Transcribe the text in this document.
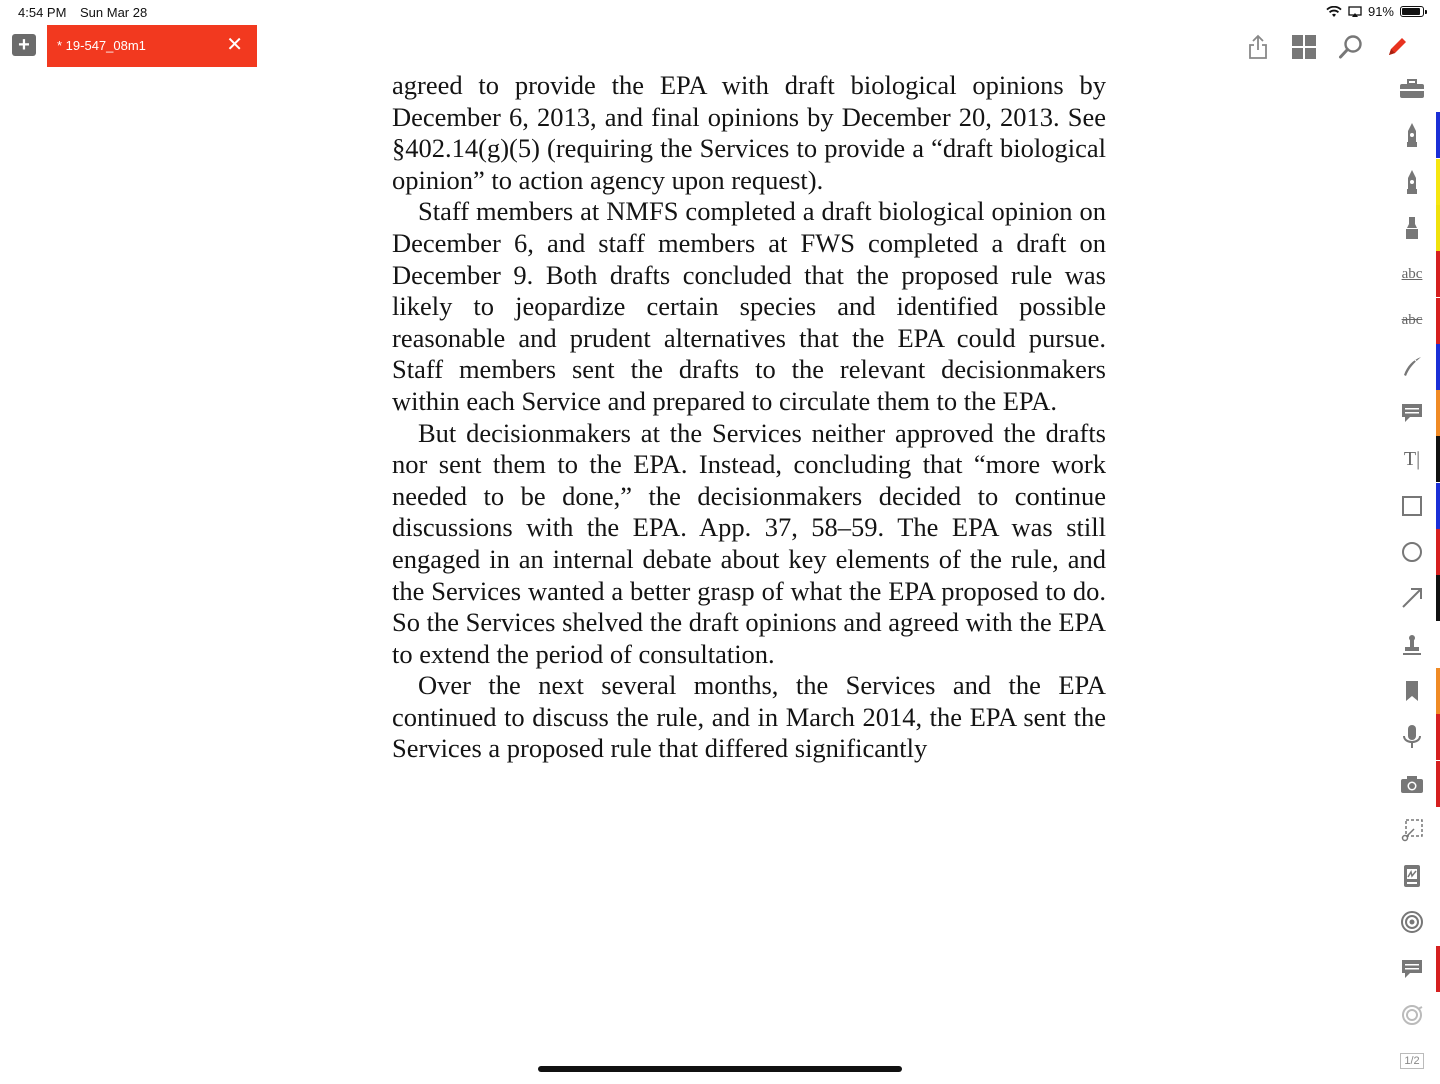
4:54 PM Sun Mar 28	91%
+	* 19-547_08m1	✕

agreed to provide the EPA with draft biological opinions by December 6, 2013, and final opinions by December 20, 2013. See §402.14(g)(5) (requiring the Services to provide a “draft biological opinion” to action agency upon request).

Staff members at NMFS completed a draft biological opinion on December 6, and staff members at FWS completed a draft on December 9. Both drafts concluded that the proposed rule was likely to jeopardize certain species and identified possible reasonable and prudent alternatives that the EPA could pursue. Staff members sent the drafts to the relevant decisionmakers within each Service and prepared to circulate them to the EPA.

But decisionmakers at the Services neither approved the drafts nor sent them to the EPA. Instead, concluding that “more work needed to be done,” the decisionmakers decided to continue discussions with the EPA. App. 37, 58–59. The EPA was still engaged in an internal debate about key elements of the rule, and the Services wanted a better grasp of what the EPA proposed to do. So the Services shelved the draft opinions and agreed with the EPA to extend the period of consultation.

Over the next several months, the Services and the EPA continued to discuss the rule, and in March 2014, the EPA sent the Services a proposed rule that differed significantly

abc
abc
T|
1/2
